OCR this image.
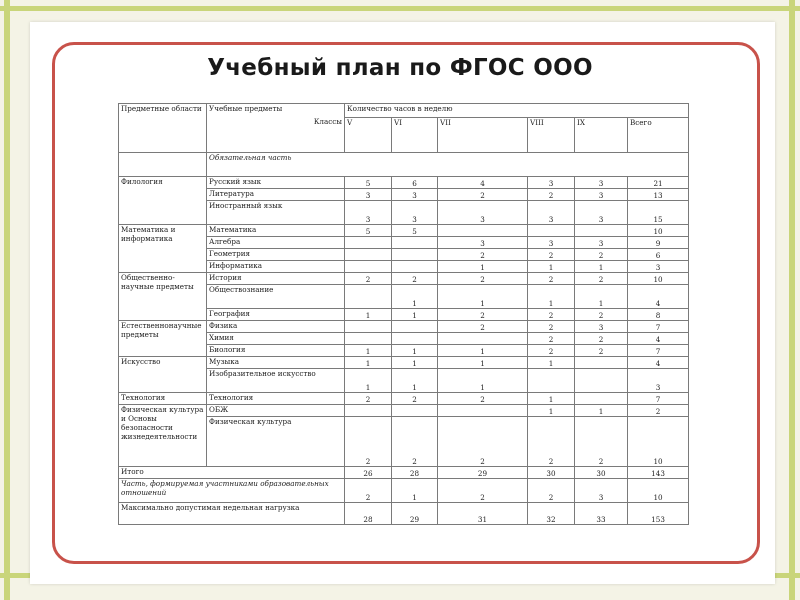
Учебный план по ФГОС ООО
Предметные области	Учебные предметы
Классы	Количество часов в неделю					
		V	VI	VII	VIII	IX	Всего
	Обязательная часть						
Филология	Русский язык	5	6	4	3	3	21
	Литература	3	3	2	2	3	13
	Иностранный язык	3	3	3	3	3	15
Математика и информатика	Математика	5	5				10
	Алгебра			3	3	3	9
	Геометрия			2	2	2	6
	Информатика			1	1	1	3
Общественно-научные предметы	История	2	2	2	2	2	10
	Обществознание		1	1	1	1	4
	География	1	1	2	2	2	8
Естественнонаучные предметы	Физика			2	2	3	7
	Химия				2	2	4
	Биология	1	1	1	2	2	7
Искусство	Музыка	1	1	1	1		4
	Изобразительное искусство	1	1	1			3
Технология	Технология	2	2	2	1		7
Физическая культура и Основы безопасности жизнедеятельности	ОБЖ				1	1	2
	Физическая культура	2	2	2	2	2	10
Итого		26	28	29	30	30	143
Часть, формируемая участниками образовательных отношений		2	1	2	2	3	10
Максимально допустимая недельная нагрузка		28	29	31	32	33	153
